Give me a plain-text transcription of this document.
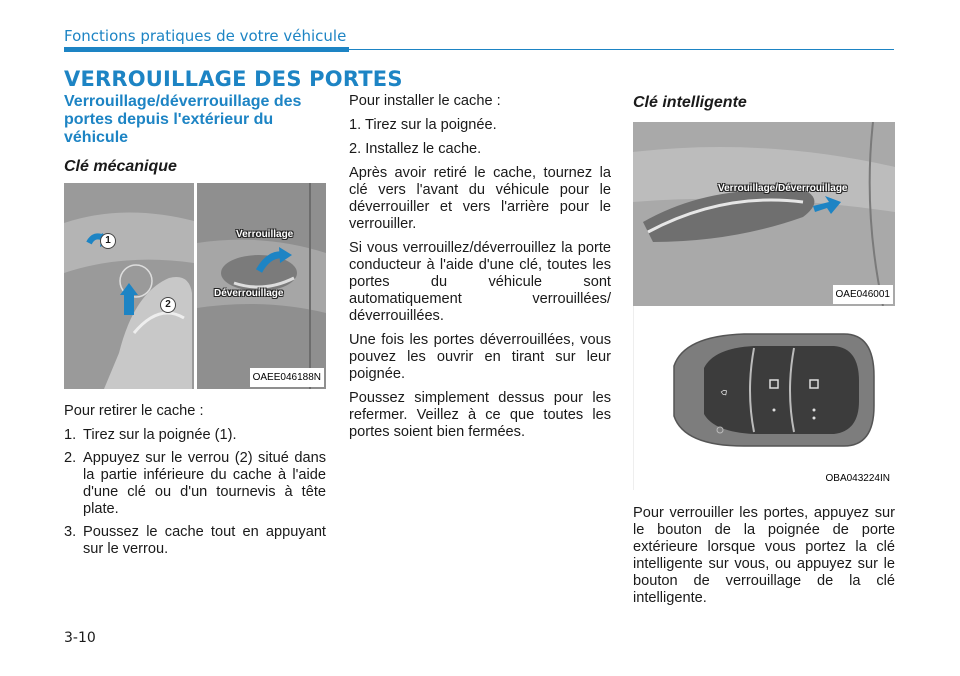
Fonctions pratiques de votre véhicule
VERROUILLAGE DES PORTES
Verrouillage/déverrouillage des portes depuis l'extérieur du véhicule
Clé mécanique
Verrouillage
Déverrouillage
1
2
OAEE046188N

Pour retirer le cache :

1. Tirez sur la poignée (1).
2. Appuyez sur le verrou (2) situé dans la partie inférieure du cache à l'aide d'une clé ou d'un tournevis à tête plate.
3. Poussez le cache tout en appuyant sur le verrou.

Pour installer le cache :

1. Tirez sur la poignée.

2. Installez le cache.

Après avoir retiré le cache, tournez la clé vers l'avant du véhicule pour le déverrouiller et vers l'arrière pour le verrouiller.

Si vous verrouillez/déverrouillez la porte conducteur à l'aide d'une clé, toutes les portes du véhicule sont automatiquement verrouillées/ déverrouillées.

Une fois les portes déverrouillées, vous pouvez les ouvrir en tirant sur leur poignée.

Poussez simplement dessus pour les refermer. Veillez à ce que toutes les portes soient bien fermées.

Clé intelligente
Verrouillage/Déverrouillage
OAE046001
⌂
OBA043224IN

Pour verrouiller les portes, appuyez sur le bouton de la poignée de porte extérieure lorsque vous portez la clé intelligente sur vous, ou appuyez sur le bouton de verrouillage de la clé intelligente.

3-10
